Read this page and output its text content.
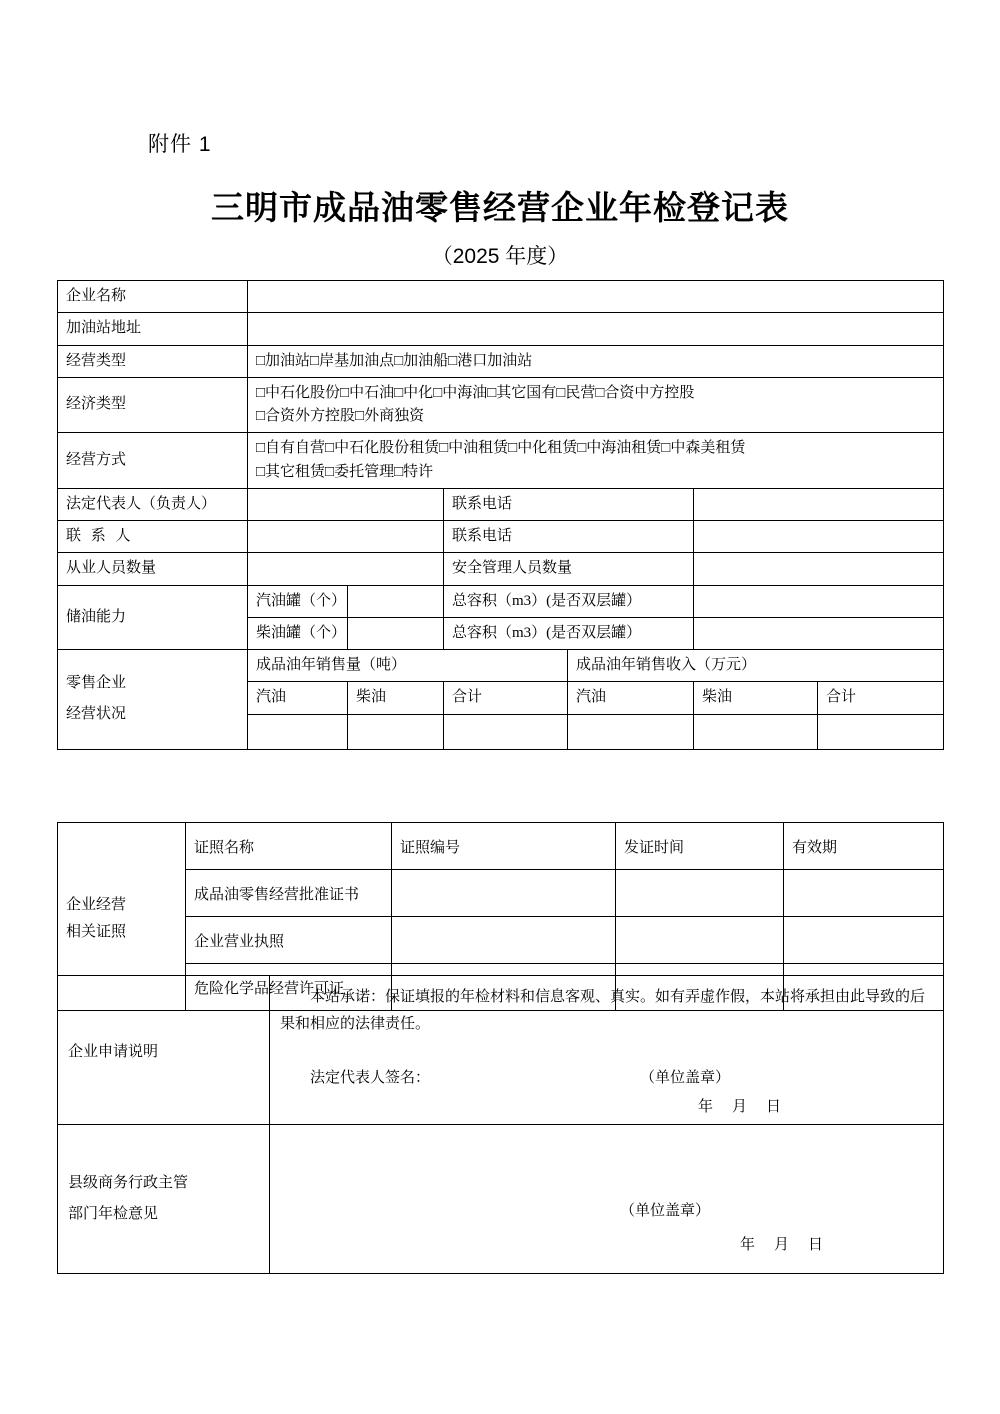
附件 1
三明市成品油零售经营企业年检登记表
（2025 年度）
企业名称						
加油站地址						
经营类型	□加油站□岸基加油点□加油船□港口加油站					
经济类型	□中石化股份□中石油□中化□中海油□其它国有□民营□合资中方控股
□合资外方控股□外商独资					

经营方式	□自有自营□中石化股份租赁□中油租赁□中化租赁□中海油租赁□中森美租赁
□其它租赁□委托管理□特许					

法定代表人（负责人）			联系电话			
联 系 人			联系电话			
从业人员数量			安全管理人员数量			
储油能力	汽油罐（个）		总容积（m3）(是否双层罐）			
	柴油罐（个）		总容积（m3）(是否双层罐）			

零售企业
经营状况	成品油年销售量（吨）			成品油年销售收入（万元）		
	汽油	柴油	合计	汽油	柴油	合计

企业经营
相关证照	证照名称	证照编号	发证时间	有效期
	成品油零售经营批准证书			
	企业营业执照			
	危险化学品经营许可证			
企业申请说明	本站承诺：保证填报的年检材料和信息客观、真实。如有弄虚作假，本站将承担由此导致的后果和相应的法律责任。
法定代表人签名： （单位盖章）
年　月　日

县级商务行政主管
部门年检意见	（单位盖章）
年　月　日
